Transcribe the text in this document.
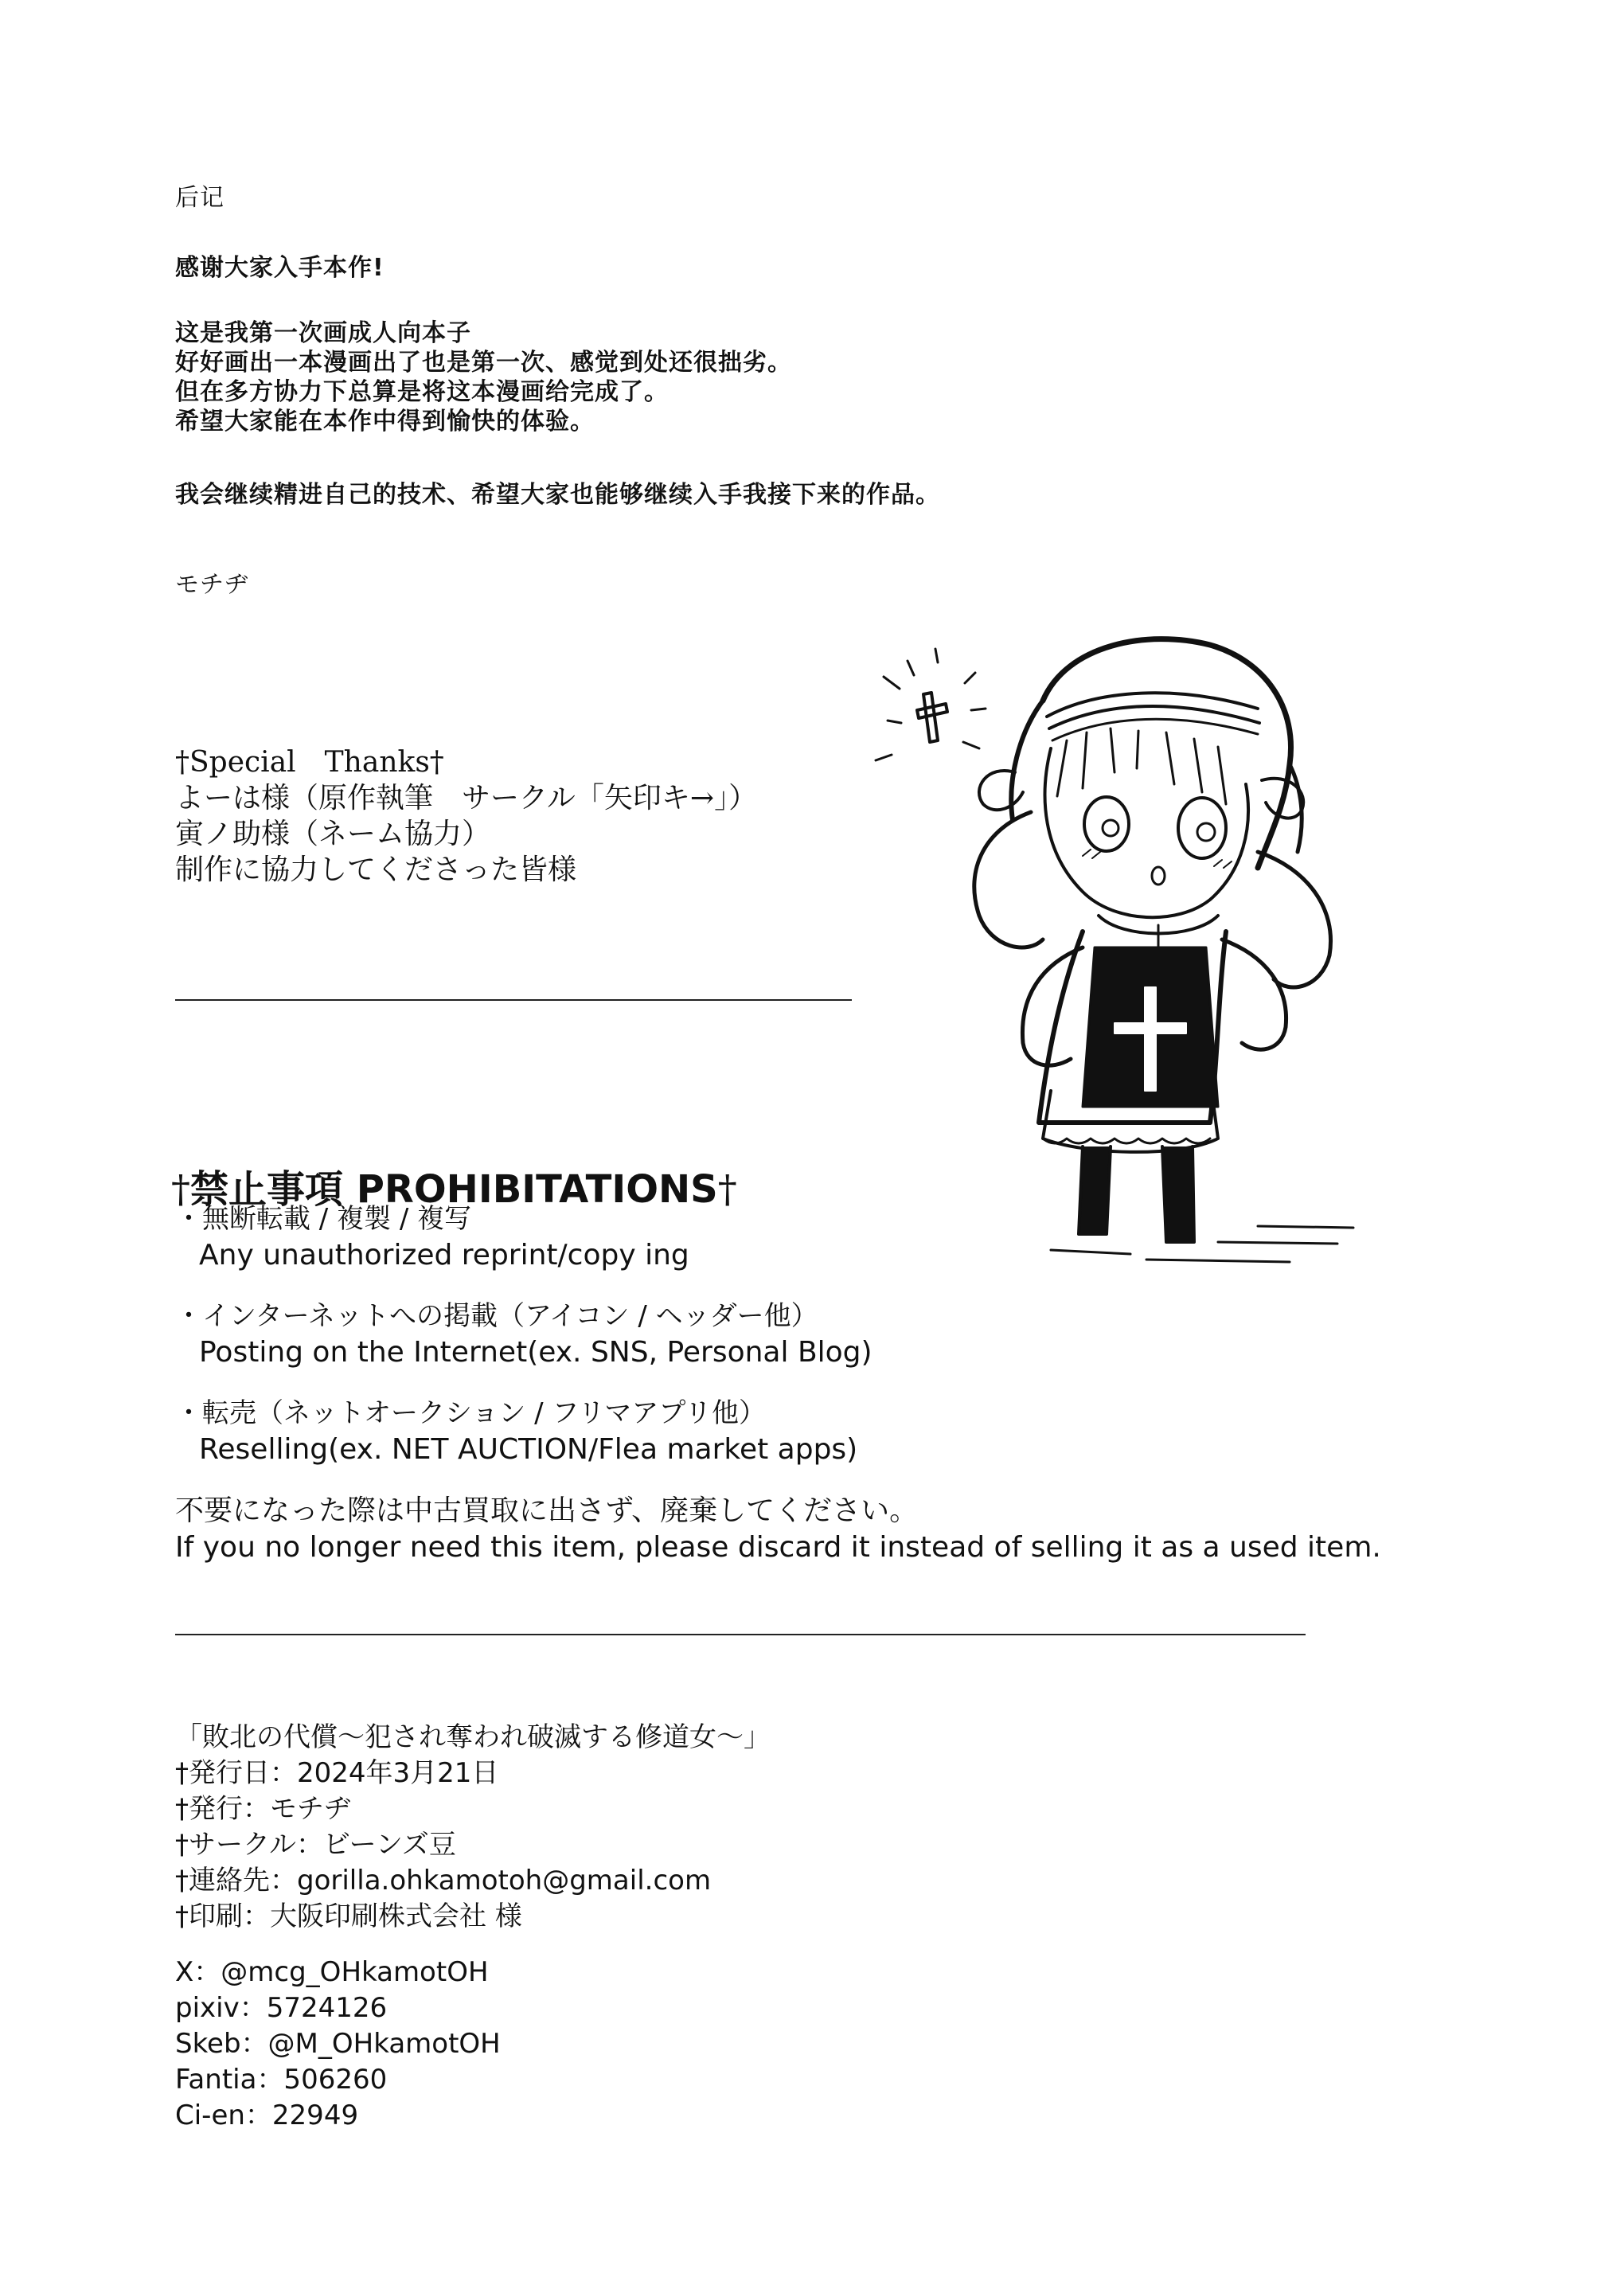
后记
感谢大家入手本作!
这是我第一次画成人向本子
好好画出一本漫画出了也是第一次、感觉到处还很拙劣。
但在多方协力下总算是将这本漫画给完成了。
希望大家能在本作中得到愉快的体验。
我会继续精进自己的技术、希望大家也能够继续入手我接下来的作品。
モチヂ
†Special　Thanks†
よーは様（原作執筆　サークル「矢印キ→」）
寅ノ助様（ネーム協力）
制作に協力してくださった皆様
†禁止事項 PROHIBITATIONS†
・無断転載 / 複製 / 複写
Any unauthorized reprint/copy ing
・インターネットへの掲載（アイコン / ヘッダー他）
Posting on the Internet(ex. SNS, Personal Blog)
・転売（ネットオークション / フリマアプリ他）
Reselling(ex. NET AUCTION/Flea market apps)
不要になった際は中古買取に出さず、廃棄してください。
If you no longer need this item, please discard it instead of selling it as a used item.
「敗北の代償〜犯され奪われ破滅する修道女〜」
†発行日：2024年3月21日
†発行：モチヂ
†サークル：ビーンズ豆
†連絡先：gorilla.ohkamotoh@gmail.com
†印刷：大阪印刷株式会社 様
X：@mcg_OHkamotOH
pixiv：5724126
Skeb：@M_OHkamotOH
Fantia：506260
Ci-en：22949
